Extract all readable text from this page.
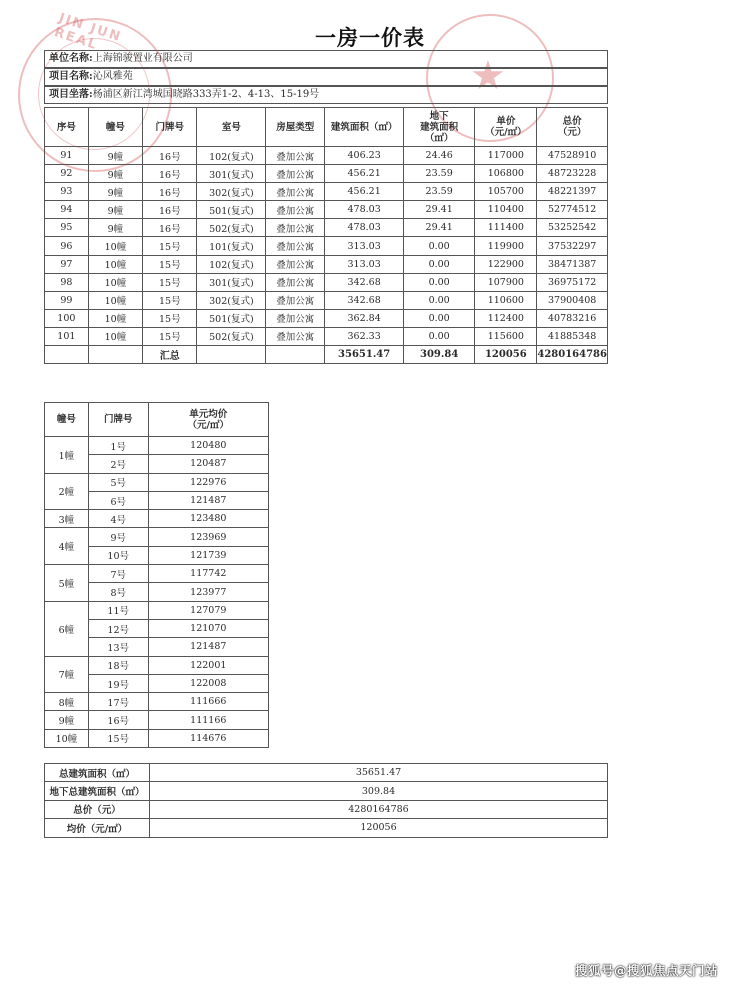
一房一价表
JIN JUN REAL
★
单位名称:上海锦骏置业有限公司
项目名称:沁风雅苑
项目坐落:杨浦区新江湾城国晓路333弄1-2、4-13、15-19号
序号	幢号	门牌号	室号	房屋类型	建筑面积（㎡）	地下
建筑面积
（㎡）	单价
（元/㎡）	总价
（元）
91	9幢	16号	102(复式)	叠加公寓	406.23	24.46	117000	47528910
92	9幢	16号	301(复式)	叠加公寓	456.21	23.59	106800	48723228
93	9幢	16号	302(复式)	叠加公寓	456.21	23.59	105700	48221397
94	9幢	16号	501(复式)	叠加公寓	478.03	29.41	110400	52774512
95	9幢	16号	502(复式)	叠加公寓	478.03	29.41	111400	53252542
96	10幢	15号	101(复式)	叠加公寓	313.03	0.00	119900	37532297
97	10幢	15号	102(复式)	叠加公寓	313.03	0.00	122900	38471387
98	10幢	15号	301(复式)	叠加公寓	342.68	0.00	107900	36975172
99	10幢	15号	302(复式)	叠加公寓	342.68	0.00	110600	37900408
100	10幢	15号	501(复式)	叠加公寓	362.84	0.00	112400	40783216
101	10幢	15号	502(复式)	叠加公寓	362.33	0.00	115600	41885348
		汇总			35651.47	309.84	120056	4280164786
幢号	门牌号	单元均价
（元/㎡）
1幢	1号	120480
	2号	120487
2幢	5号	122976
	6号	121487
3幢	4号	123480
4幢	9号	123969
	10号	121739
5幢	7号	117742
	8号	123977
6幢	11号	127079
	12号	121070
	13号	121487
7幢	18号	122001
	19号	122008
8幢	17号	111666
9幢	16号	111166
10幢	15号	114676
总建筑面积（㎡）	35651.47
地下总建筑面积（㎡）	309.84
总价（元）	4280164786
均价（元/㎡）	120056
搜狐号@搜狐焦点天门站
